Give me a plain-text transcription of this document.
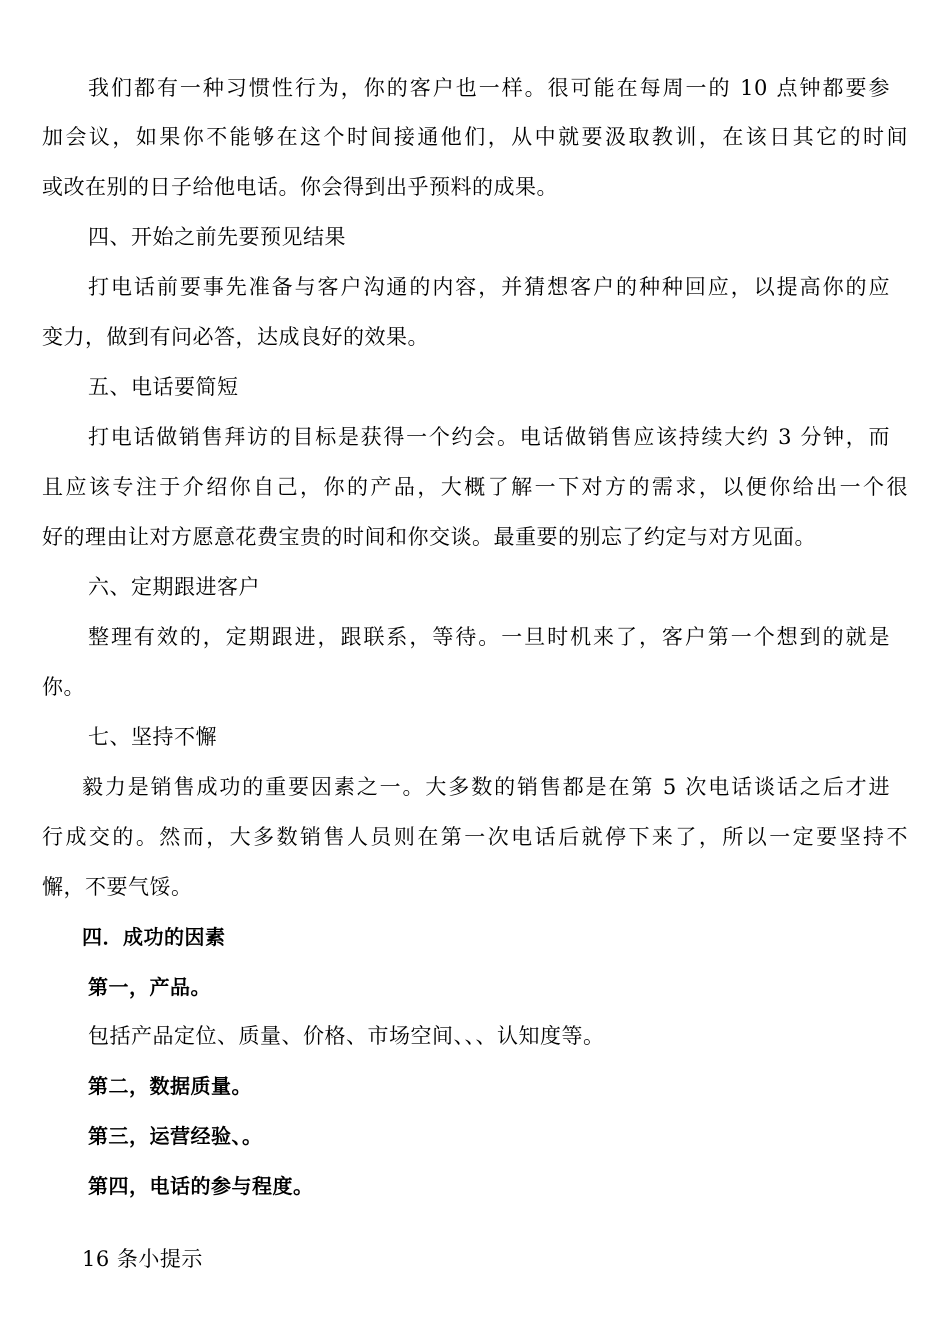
我们都有一种习惯性行为，你的客户也一样。很可能在每周一的 10 点钟都要参
加会议，如果你不能够在这个时间接通他们，从中就要汲取教训，在该日其它的时间
或改在别的日子给他电话。你会得到出乎预料的成果。
四、开始之前先要预见结果
打电话前要事先准备与客户沟通的内容，并猜想客户的种种回应，以提高你的应
变力，做到有问必答，达成良好的效果。
五、电话要简短
打电话做销售拜访的目标是获得一个约会。电话做销售应该持续大约 3 分钟，而
且应该专注于介绍你自己，你的产品，大概了解一下对方的需求，以便你给出一个很
好的理由让对方愿意花费宝贵的时间和你交谈。最重要的别忘了约定与对方见面。
六、定期跟进客户
整理有效的，定期跟进，跟联系，等待。一旦时机来了，客户第一个想到的就是
你。
七、坚持不懈
毅力是销售成功的重要因素之一。大多数的销售都是在第 5 次电话谈话之后才进
行成交的。然而，大多数销售人员则在第一次电话后就停下来了，所以一定要坚持不
懈，不要气馁。
四．成功的因素
第一，产品。
包括产品定位、质量、价格、市场空间、、、认知度等。
第二，数据质量。
第三，运营经验、。
第四，电话的参与程度。
16 条小提示
